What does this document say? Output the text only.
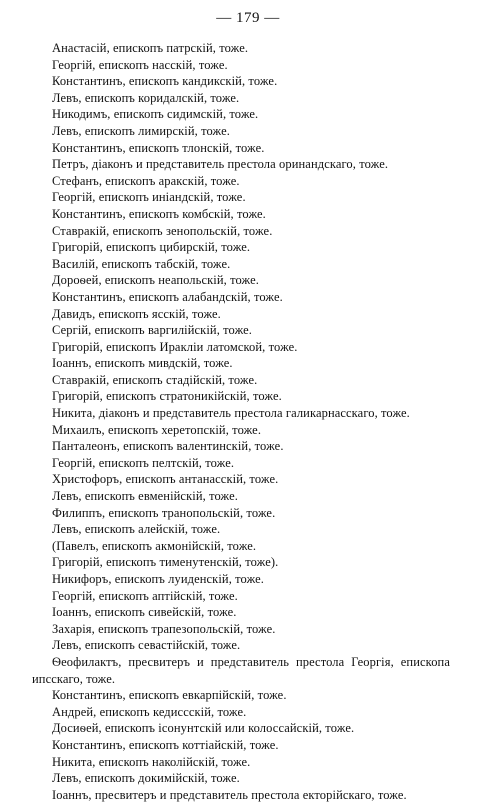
— 179 —
Анастасій, епископъ патрскій, тоже.
Георгій, епископъ насскій, тоже.
Константинъ, епископъ кандикскій, тоже.
Левъ, епископъ коридалскій, тоже.
Никодимъ, епископъ сидимскій, тоже.
Левъ, епископъ лимирскій, тоже.
Константинъ, епископъ тлонскій, тоже.
Петръ, діаконъ и представитель престола оринандскаго, тоже.
Стефанъ, епископъ аракскій, тоже.
Георгій, епископъ иніандскій, тоже.
Константинъ, епископъ комбскій, тоже.
Ставракій, епископъ зенопольскій, тоже.
Григорій, епископъ цибирскій, тоже.
Василій, епископъ табскій, тоже.
Дороѳей, епископъ неапольскій, тоже.
Константинъ, епископъ алабандскій, тоже.
Давидъ, епископъ ясскій, тоже.
Сергій, епископъ варгилійскій, тоже.
Григорій, епископъ Иракліи латомской, тоже.
Іоаннъ, епископъ мивдскій, тоже.
Ставракій, епископъ стадійскій, тоже.
Григорій, епископъ стратоникійскій, тоже.
Никита, діаконъ и представитель престола галикарнасскаго, тоже.
Михаилъ, епископъ херетопскій, тоже.
Панталеонъ, епископъ валентинскій, тоже.
Георгій, епископъ пелтскій, тоже.
Христофоръ, епископъ антанасскій, тоже.
Левъ, епископъ евменійскій, тоже.
Филиппъ, епископъ транопольскій, тоже.
Левъ, епископъ алейскій, тоже.
(Павелъ, епископъ акмонійскій, тоже.
Григорій, епископъ тименутенскій, тоже).
Никифоръ, епископъ луиденскій, тоже.
Георгій, епископъ аптійскій, тоже.
Іоаннъ, епископъ сивейскій, тоже.
Захарія, епископъ трапезопольскій, тоже.
Левъ, епископъ севастійскій, тоже.
Ѳеофилактъ, пресвитеръ и представитель престола Георгія, епископа
ипсскаго, тоже.
Константинъ, епископъ евкарпійскій, тоже.
Андрей, епископъ кедиссскій, тоже.
Досиѳей, епископъ ісонунтскій или колоссайскій, тоже.
Константинъ, епископъ коттіайскій, тоже.
Никита, епископъ наколійскій, тоже.
Левъ, епископъ докимійскій, тоже.
Іоаннъ, пресвитеръ и представитель престола екторійскаго, тоже.
